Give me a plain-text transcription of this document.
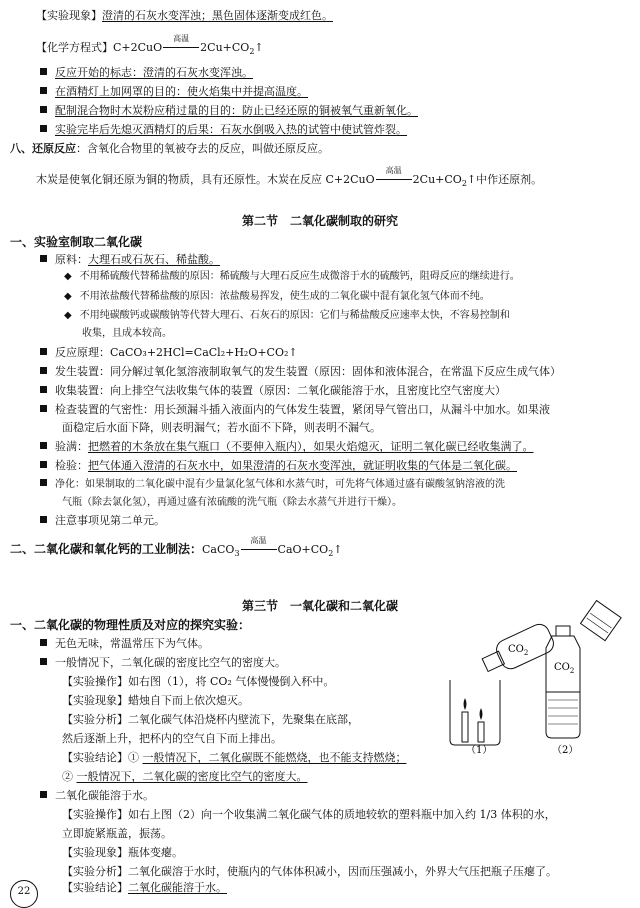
【实验现象】澄清的石灰水变浑浊；黑色固体逐渐变成红色。
【化学方程式】C+2CuO
高温
$2Cu+CO_2↑$
反应开始的标志：澄清的石灰水变浑浊。
在酒精灯上加网罩的目的：使火焰集中并提高温度。
配制混合物时木炭粉应稍过量的目的：防止已经还原的铜被氧气重新氧化。
实验完毕后先熄灭酒精灯的后果：石灰水倒吸入热的试管中使试管炸裂。
八、还原反应：含氧化合物里的氧被夺去的反应，叫做还原反应。
木炭是使氧化铜还原为铜的物质，具有还原性。木炭在反应 C+2CuO
高温
$2Cu+CO_2↑$中作还原剂。
第二节　二氧化碳制取的研究
一、实验室制取二氧化碳
原料：大理石或石灰石、稀盐酸。
◆ 不用稀硫酸代替稀盐酸的原因：稀硫酸与大理石反应生成微溶于水的硫酸钙，阻碍反应的继续进行。
◆ 不用浓盐酸代替稀盐酸的原因：浓盐酸易挥发，使生成的二氧化碳中混有氯化氢气体而不纯。
◆ 不用纯碳酸钙或碳酸钠等代替大理石、石灰石的原因：它们与稀盐酸反应速率太快，不容易控制和
收集，且成本较高。
反应原理：CaCO₃+2HCl=CaCl₂+H₂O+CO₂↑
发生装置：同分解过氧化氢溶液制取氧气的发生装置（原因：固体和液体混合，在常温下反应生成气体）
收集装置：向上排空气法收集气体的装置（原因：二氧化碳能溶于水，且密度比空气密度大）
检查装置的气密性：用长颈漏斗插入液面内的气体发生装置，紧闭导气管出口，从漏斗中加水。如果液
面稳定后水面下降，则表明漏气；若水面不下降，则表明不漏气。
验满：把燃着的木条放在集气瓶口（不要伸入瓶内），如果火焰熄灭，证明二氧化碳已经收集满了。
检验：把气体通入澄清的石灰水中，如果澄清的石灰水变浑浊，就证明收集的气体是二氧化碳。
净化：如果制取的二氧化碳中混有少量氯化氢气体和水蒸气时，可先将气体通过盛有碳酸氢钠溶液的洗
气瓶（除去氯化氢），再通过盛有浓硫酸的洗气瓶（除去水蒸气并进行干燥）。
注意事项见第二单元。
二、二氧化碳和氧化钙的工业制法：CaCO$_3$
高温
$CaO+CO_2↑$
第三节　一氧化碳和二氧化碳
一、二氧化碳的物理性质及对应的探究实验：
无色无味，常温常压下为气体。
一般情况下，二氧化碳的密度比空气的密度大。
【实验操作】如右图（1），将 CO₂ 气体慢慢倒入杯中。
【实验现象】蜡烛自下而上依次熄灭。
【实验分析】二氧化碳气体沿烧杯内壁流下，先聚集在底部，
然后逐渐上升，把杯内的空气自下而上排出。
【实验结论】① 一般情况下，二氧化碳既不能燃烧，也不能支持燃烧；
② 一般情况下，二氧化碳的密度比空气的密度大。
二氧化碳能溶于水。
【实验操作】如右上图（2）向一个收集满二氧化碳气体的质地较软的塑料瓶中加入约 1/3 体积的水，
立即旋紧瓶盖，振荡。
【实验现象】瓶体变瘪。
【实验分析】二氧化碳溶于水时，使瓶内的气体体积减小，因而压强减小，外界大气压把瓶子压瘪了。
【实验结论】二氧化碳能溶于水。
$CO_2$
$CO_2$
（1）	（2）
22
